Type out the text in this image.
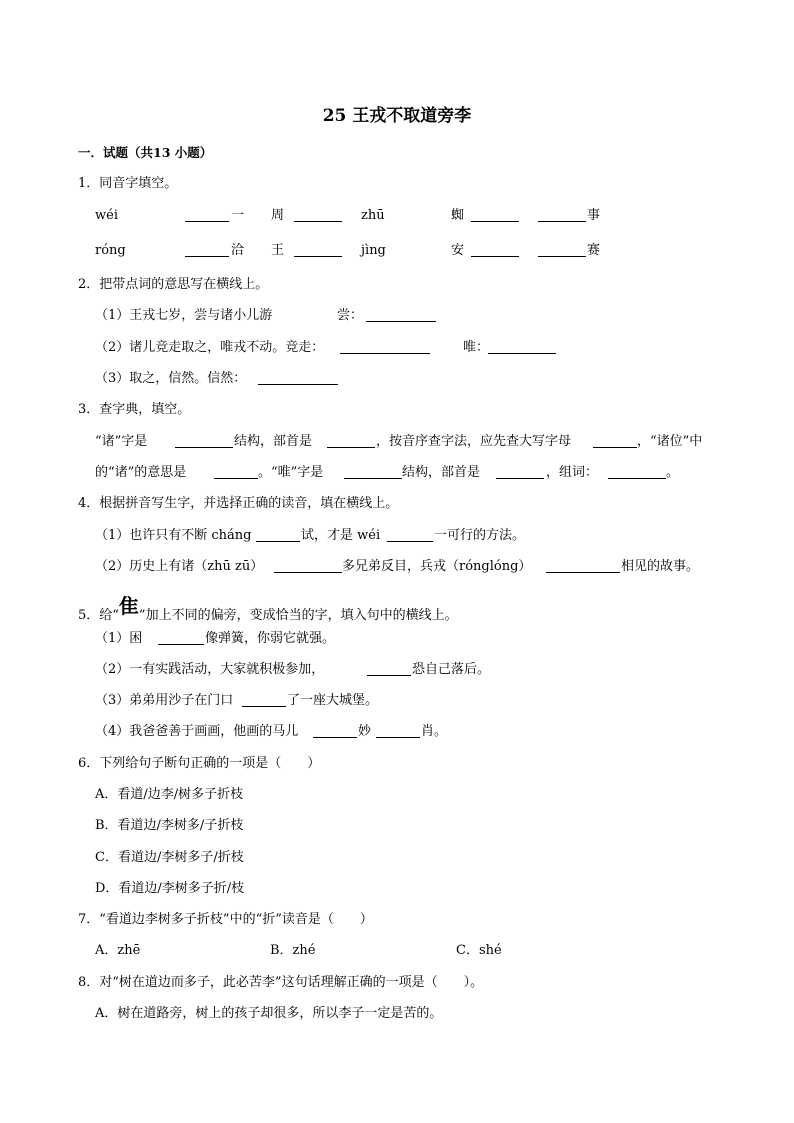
25 王戎不取道旁李
一．试题（共13 小题）
1．同音字填空。
wéi	一 周	zhū	蜘	事
róng	洽 王	jìng	安	赛
2．把带点词的意思写在横线上。
（1）王戎七岁，尝与诸小儿游	尝：
（2）诸儿竞走取之，唯戎不动。竞走：	唯：
（3）取之，信然。信然：
3．查字典，填空。
“诸”字是	结构，部首是	，按音序查字法，应先查大写字母	，“诸位”中
的“诸”的意思是	。“唯”字是	结构，部首是	，组词：	。
4．根据拼音写生字，并选择正确的读音，填在横线上。
（1）也许只有不断 cháng	试，才是 wéi	一可行的方法。
（2）历史上有诸（zhū zū）	多兄弟反目，兵戎（rónglóng）	相见的故事。
5．给“隹”加上不同的偏旁，变成恰当的字，填入句中的横线上。
（1）困	像弹簧，你弱它就强。
（2）一有实践活动，大家就积极参加，	恐自己落后。
（3）弟弟用沙子在门口	了一座大城堡。
（4）我爸爸善于画画，他画的马儿	妙	肖。
6．下列给句子断句正确的一项是（　　）
A．看道/边李/树多子折枝
B．看道边/李树多/子折枝
C．看道边/李树多子/折枝
D．看道边/李树多子折/枝
7．“看道边李树多子折枝”中的“折”读音是（　　）
A．zhē	B．zhé	C．shé
8．对“树在道边而多子，此必苦李”这句话理解正确的一项是（　　）。
A．树在道路旁，树上的孩子却很多，所以李子一定是苦的。
